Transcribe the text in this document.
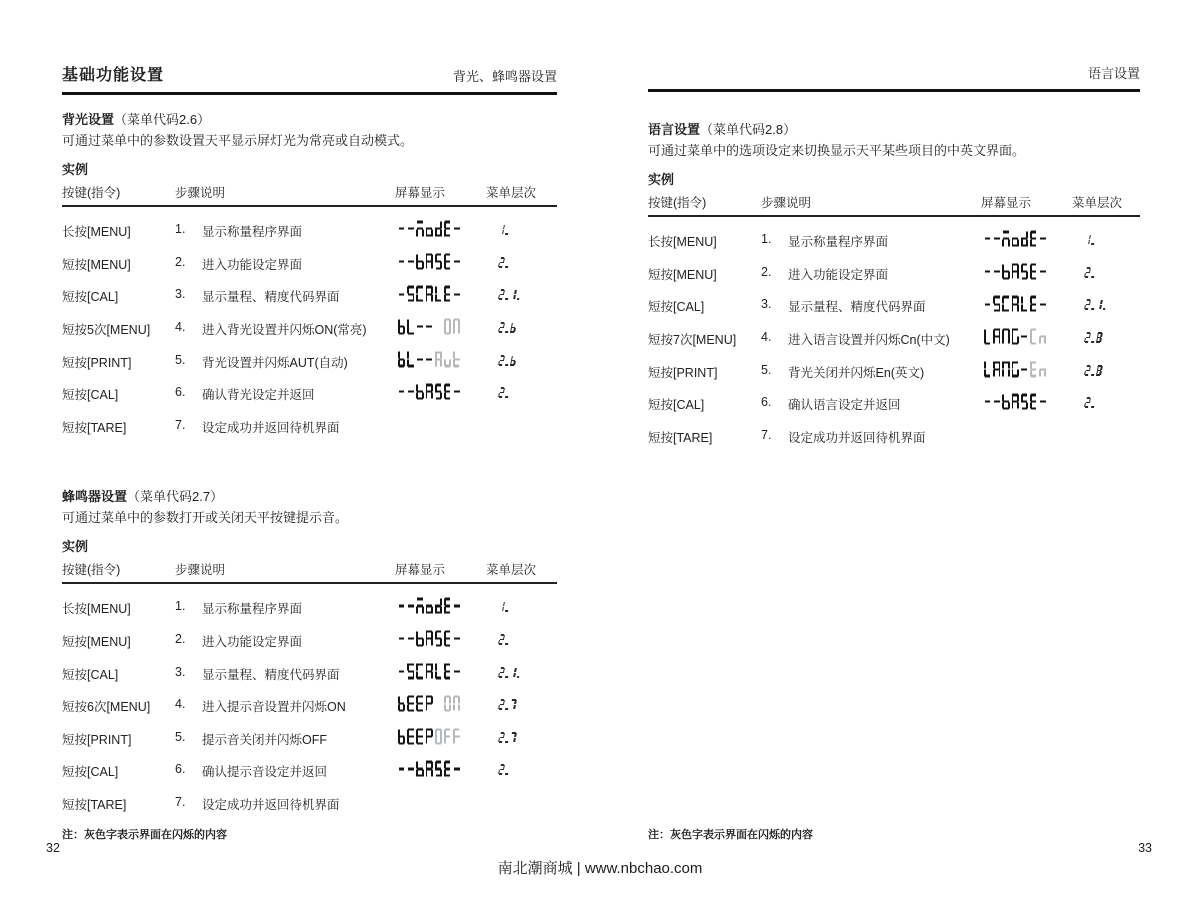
基础功能设置	背光、蜂鸣器设置
背光设置（菜单代码2.6）
可通过菜单中的参数设置天平显示屏灯光为常亮或自动模式。
实例
按键(指令)	步骤说明	屏幕显示	菜单层次
长按[MENU]	1.	显示称量程序界面
短按[MENU]	2.	进入功能设定界面
短按[CAL]	3.	显示量程、精度代码界面
短按5次[MENU] 4.	进入背光设置并闪烁ON(常亮)
短按[PRINT]	5.	背光设置并闪烁AUT(自动)
短按[CAL]	6.	确认背光设定并返回
短按[TARE]	7.	设定成功并返回待机界面
蜂鸣器设置（菜单代码2.7）
可通过菜单中的参数打开或关闭天平按键提示音。
实例
按键(指令)	步骤说明	屏幕显示	菜单层次
长按[MENU]	1.	显示称量程序界面
短按[MENU]	2.	进入功能设定界面
短按[CAL]	3.	显示量程、精度代码界面
短按6次[MENU] 4.	进入提示音设置并闪烁ON
短按[PRINT]	5.	提示音关闭并闪烁OFF
短按[CAL]	6.	确认提示音设定并返回
短按[TARE]	7.	设定成功并返回待机界面
注：灰色字表示界面在闪烁的内容
语言设置
语言设置（菜单代码2.8）
可通过菜单中的选项设定来切换显示天平某些项目的中英文界面。
实例
按键(指令)	步骤说明	屏幕显示	菜单层次
长按[MENU]	1.	显示称量程序界面
短按[MENU]	2.	进入功能设定界面
短按[CAL]	3.	显示量程、精度代码界面
短按7次[MENU] 4.	进入语言设置并闪烁Cn(中文)
短按[PRINT]	5.	背光关闭并闪烁En(英文)
短按[CAL]	6.	确认语言设定并返回
短按[TARE]	7.	设定成功并返回待机界面
注：灰色字表示界面在闪烁的内容
32	33
南北潮商城 | www.nbchao.com
